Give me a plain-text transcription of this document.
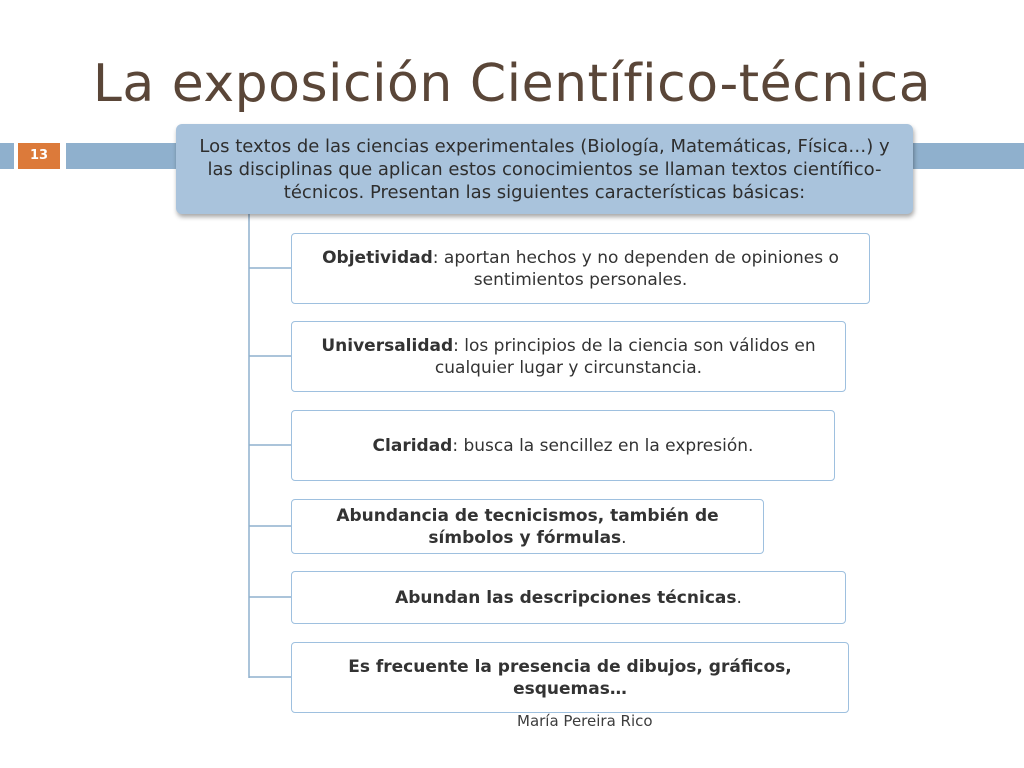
La exposición Científico-técnica
13	Los textos de las ciencias experimentales (Biología, Matemáticas, Física…) y las disciplinas que aplican estos conocimientos se llaman textos científico-técnicos. Presentan las siguientes características básicas:
Objetividad: aportan hechos y no dependen de opiniones o sentimientos personales.
Universalidad: los principios de la ciencia son válidos en cualquier lugar y circunstancia.
Claridad: busca la sencillez en la expresión.
Abundancia de tecnicismos, también de símbolos y fórmulas.
Abundan las descripciones técnicas.
Es frecuente la presencia de dibujos, gráficos, esquemas…
María Pereira Rico
